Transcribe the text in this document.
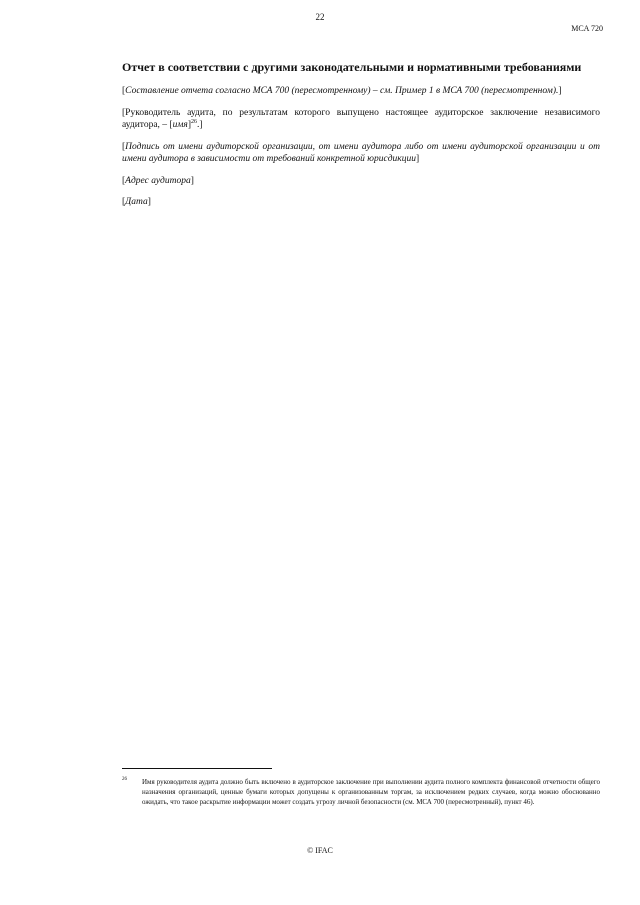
22
MCA 720
Отчет в соответствии с другими законодательными и нормативными требованиями

[Составление отчета согласно МСА 700 (пересмотренному) – см. Пример 1 в МСА 700 (пересмотренном).]

[Руководитель аудита, по результатам которого выпущено настоящее аудиторское заключение независимого аудитора, – [имя]$^{26}$.]

[Подпись от имени аудиторской организации, от имени аудитора либо от имени аудиторской организации и от имени аудитора в зависимости от требований конкретной юрисдикции]

[Адрес аудитора]

[Дата]

26 Имя руководителя аудита должно быть включено в аудиторское заключение при выполнении аудита полного комплекта финансовой отчетности общего назначения организаций, ценные бумаги которых допущены к организованным торгам, за исключением редких случаев, когда можно обоснованно ожидать, что такое раскрытие информации может создать угрозу личной безопасности (см. МСА 700 (пересмотренный), пункт 46).
© IFAC
